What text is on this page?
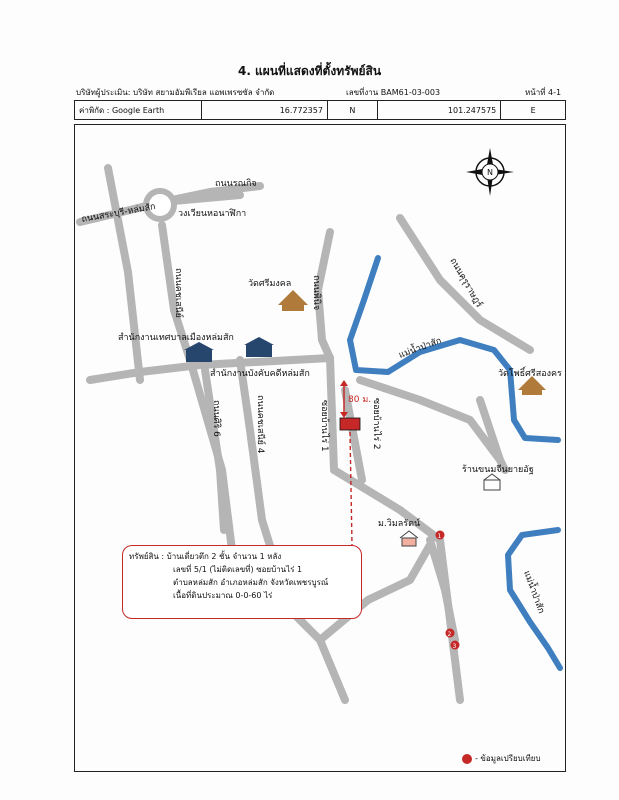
4. แผนที่แสดงที่ตั้งทรัพย์สิน
บริษัทผู้ประเมิน: บริษัท สยามอัมพีเรียล แอพเพรซซัล จำกัด	เลขที่งาน BAM61-03-003	หน้าที่ 4-1
ค่าพิกัด : Google Earth	16.772357	N	101.247575	E
N
1
2
3
ถนนรณกิจ
ถนนสระบุรี-หล่มสัก วงเวียนหอนาฬิกา
ถนนคชเสนีย์	ถนนพินิจ
วัดศรีมงคล
สำนักงานเทศบาลเมืองหล่มสัก
สำนักงานบังคับคดีหล่มสัก
ถนนศิริ 6	ถนนคชเสนีย์ 4
ถนนคุรุราษฎร์
แม่น้ำป่าสัก
วัดโพธิ์ศรีสองคร
ซอยบ้านไร่ 1	ซอยบ้านไร่ 2
80 ม.
ร้านขนมจีนยายอัฐ
ม.วิมลรัตน์
แม่น้ำป่าสัก
ทรัพย์สิน : บ้านเดี่ยวตึก 2 ชั้น จำนวน 1 หลัง
เลขที่ 5/1 (ไม่ติดเลขที่) ซอยบ้านไร่ 1
ตำบลหล่มสัก อำเภอหล่มสัก จังหวัดเพชรบูรณ์
เนื้อที่ดินประมาณ 0-0-60 ไร่
- ข้อมูลเปรียบเทียบ
